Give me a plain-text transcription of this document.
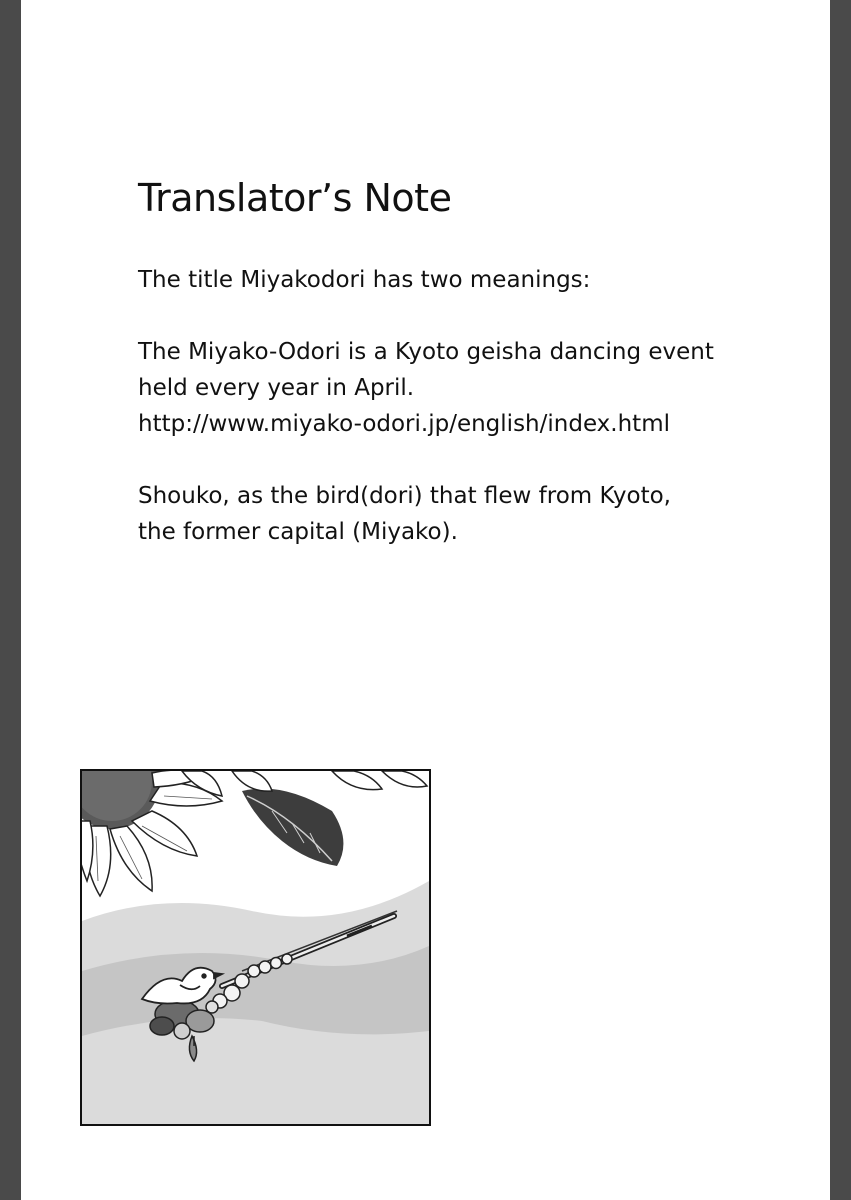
Translator’s Note
The title Miyakodori has two meanings:
The Miyako-Odori is a Kyoto geisha dancing event
held every year in April.
http://www.miyako-odori.jp/english/index.html
Shouko, as the bird(dori) that flew from Kyoto,
the former capital (Miyako).
